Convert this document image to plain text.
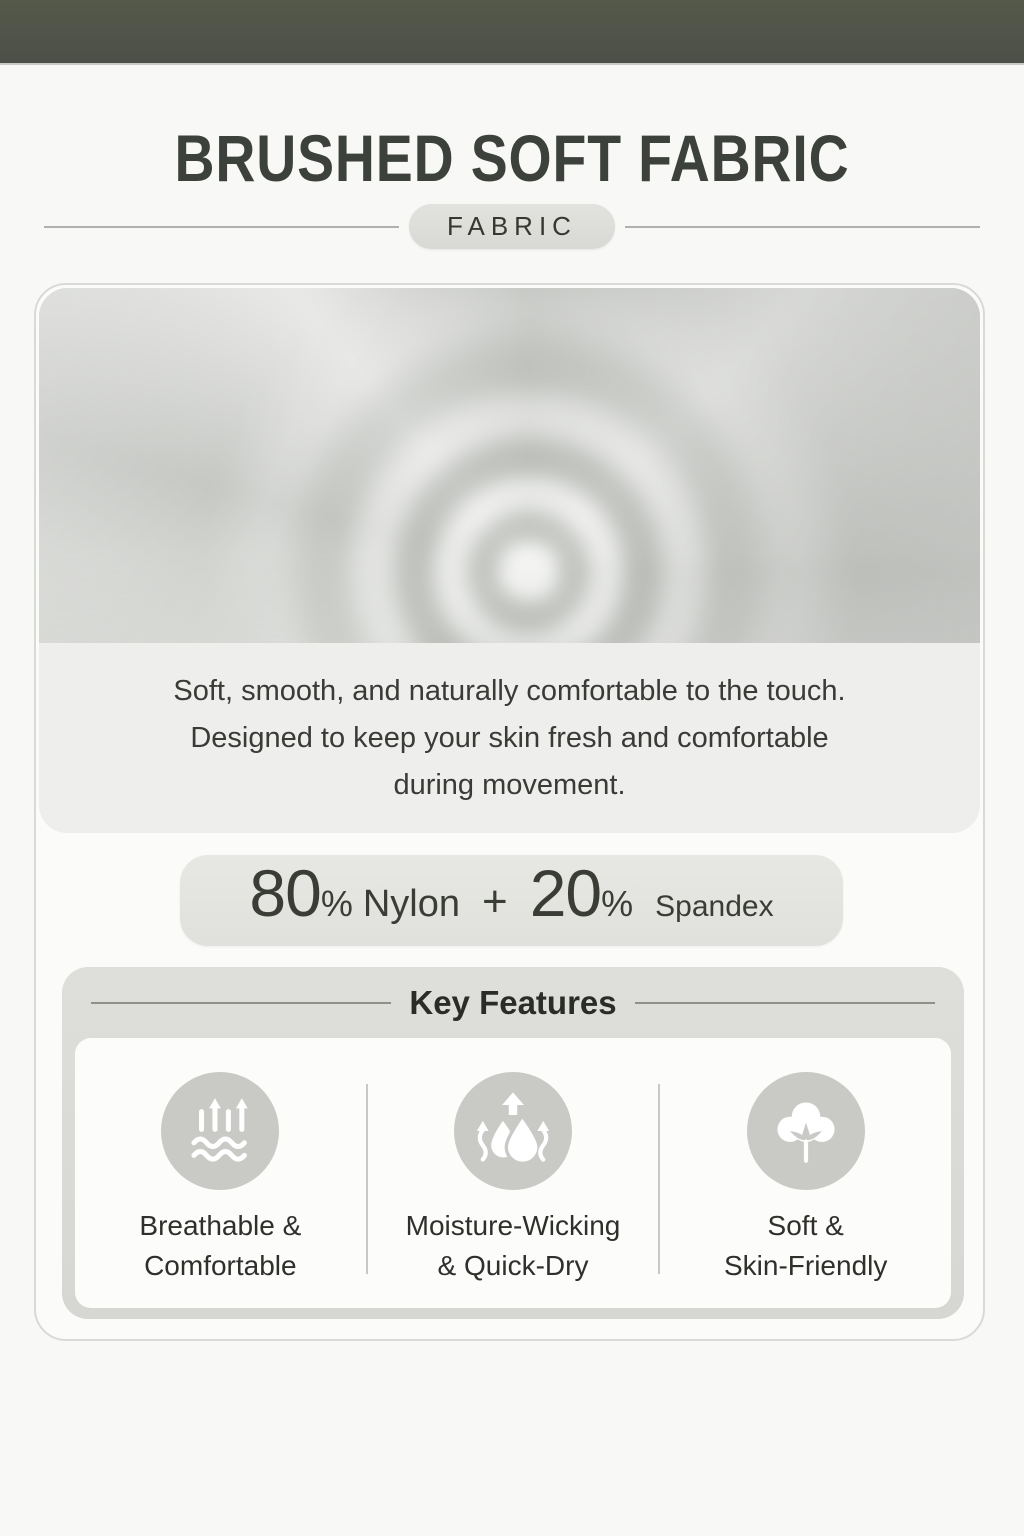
BRUSHED SOFT FABRIC
FABRIC
Soft, smooth, and naturally comfortable to the touch.
Designed to keep your skin fresh and comfortable
during movement.
80 % Nylon + 20 % Spandex
Key Features
Breathable &
Comfortable
Moisture-Wicking
& Quick-Dry
Soft &
Skin-Friendly
